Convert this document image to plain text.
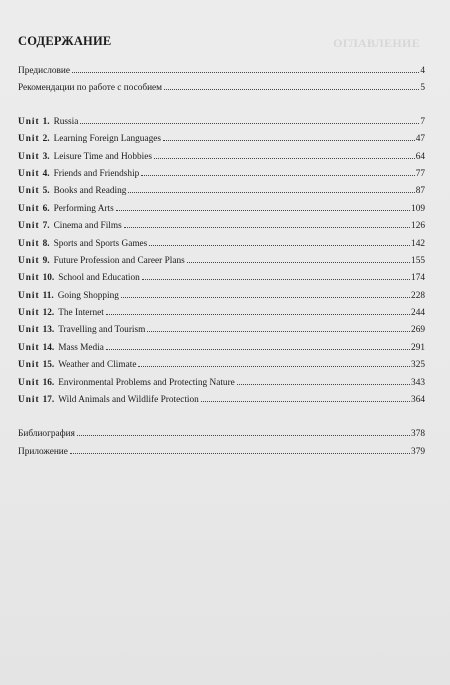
ОГЛАВЛЕНИЕ
СОДЕРЖАНИЕ
Предисловие	4
Рекомендации по работе с пособием	5
Unit 1. Russia	7
Unit 2. Learning Foreign Languages	47
Unit 3. Leisure Time and Hobbies	64
Unit 4. Friends and Friendship	77
Unit 5. Books and Reading	87
Unit 6. Performing Arts	109
Unit 7. Cinema and Films	126
Unit 8. Sports and Sports Games	142
Unit 9. Future Profession and Career Plans	155
Unit 10. School and Education	174
Unit 11. Going Shopping	228
Unit 12. The Internet	244
Unit 13. Travelling and Tourism	269
Unit 14. Mass Media	291
Unit 15. Weather and Climate	325
Unit 16. Environmental Problems and Protecting Nature	343
Unit 17. Wild Animals and Wildlife Protection	364
Библиография	378
Приложение	379
